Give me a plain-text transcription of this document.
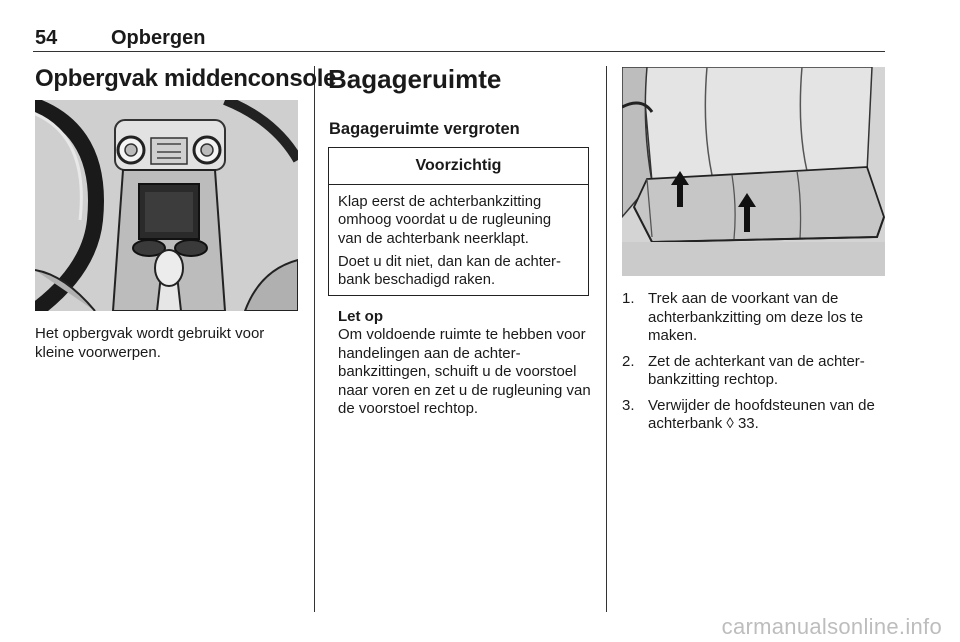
54	Opbergen
Opbergvak middenconsole
Het opbergvak wordt gebruikt voor kleine voorwerpen.
Bagageruimte
Bagageruimte vergroten
Voorzichtig

Klap eerst de achterbankzitting omhoog voordat u de rugleuning van de achterbank neerklapt.

Doet u dit niet, dan kan de achter- bank beschadigd raken.

Let op
Om voldoende ruimte te hebben voor handelingen aan de achter- bankzittingen, schuift u de voorstoel naar voren en zet u de rugleuning van de voorstoel rechtop.
1. Trek aan de voorkant van de achterbankzitting om deze los te maken.
2. Zet de achterkant van de achter- bankzitting rechtop.
3. Verwijder de hoofdsteunen van de achterbank ◊ 33.
carmanualsonline.info
